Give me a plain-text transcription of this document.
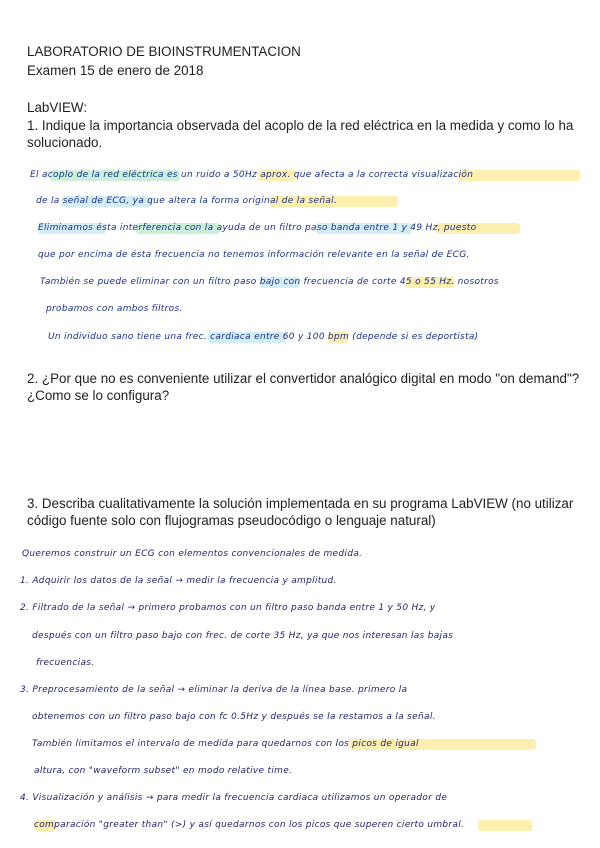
LABORATORIO DE BIOINSTRUMENTACION
Examen 15 de enero de 2018
LabVIEW:
1. Indique la importancia observada del acoplo de la red eléctrica en la medida y como lo ha solucionado.
El acoplo de la red eléctrica es un ruido a 50Hz aprox. que afecta a la correcta visualización
de la señal de ECG, ya que altera la forma original de la señal.
Eliminamos ésta interferencia con la ayuda de un filtro paso banda entre 1 y 49 Hz, puesto
que por encima de ésta frecuencia no tenemos información relevante en la señal de ECG.
También se puede eliminar con un filtro paso bajo con frecuencia de corte 45 o 55 Hz. nosotros
probamos con ambos filtros.
Un individuo sano tiene una frec. cardiaca entre 60 y 100 bpm (depende si es deportista)
2. ¿Por que no es conveniente utilizar el convertidor analógico digital en modo "on demand"? ¿Como se lo configura?
3. Describa cualitativamente la solución implementada en su programa LabVIEW (no utilizar código fuente solo con flujogramas pseudocódigo o lenguaje natural)
Queremos construir un ECG con elementos convencionales de medida.
1. Adquirir los datos de la señal → medir la frecuencia y amplitud.
2. Filtrado de la señal → primero probamos con un filtro paso banda entre 1 y 50 Hz, y
después con un filtro paso bajo con frec. de corte 35 Hz, ya que nos interesan las bajas
frecuencias.
3. Preprocesamiento de la señal → eliminar la deriva de la línea base. primero la
obtenemos con un filtro paso bajo con fc 0.5Hz y después se la restamos a la señal.
También limitamos el intervalo de medida para quedarnos con los picos de igual
altura, con "waveform subset" en modo relative time.
4. Visualización y análisis → para medir la frecuencia cardiaca utilizamos un operador de
comparación "greater than" (>) y así quedarnos con los picos que superen cierto umbral.
